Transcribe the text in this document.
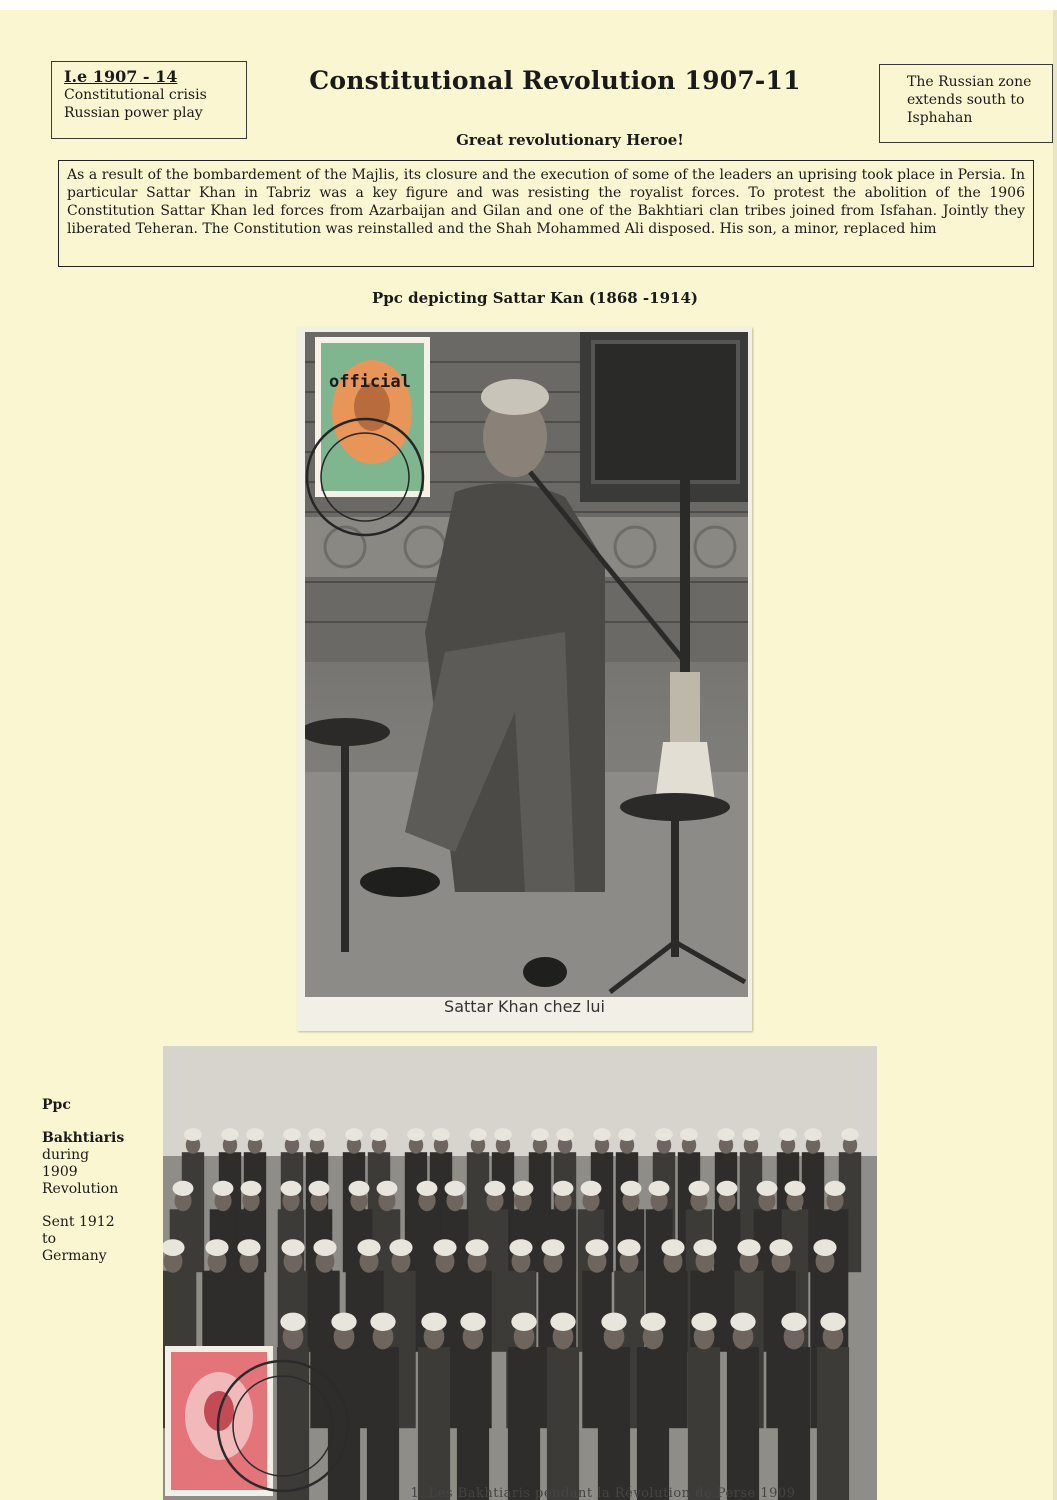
I.e 1907 - 14
Constitutional crisis
Russian power play
Constitutional Revolution 1907-11
Great revolutionary Heroe!
The Russian zone
extends south to
Isphahan
As a result of the bombardement of the Majlis, its closure and the execution of some of the leaders an uprising took place in Persia. In particular Sattar Khan in Tabriz was a key figure and was resisting the royalist forces. To protest the abolition of the 1906 Constitution Sattar Khan led forces from Azarbaijan and Gilan and one of the Bakhtiari clan tribes joined from Isfahan. Jointly they liberated Teheran. The Constitution was reinstalled and the Shah Mohammed Ali disposed. His son, a minor, replaced him
Ppc depicting Sattar Kan (1868 -1914)
official
Sattar Khan chez lui

Ppc

Bakhtiaris
during
1909

Revolution

Sent 1912
to
Germany
1. Les Bakhtiaris pendant la Révolution de Perse 1909
